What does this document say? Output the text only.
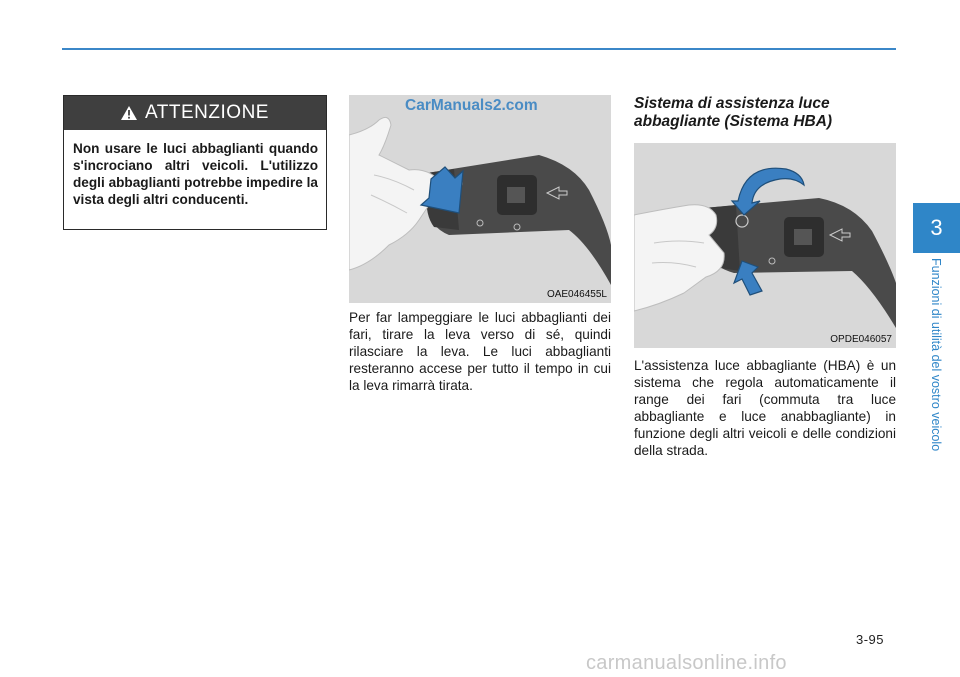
ATTENZIONE
Non usare le luci abbaglianti quando s'incrociano altri veicoli. L'utilizzo degli abbaglianti potrebbe impedire la vista degli altri conducenti.
CarManuals2.com
OAE046455L
Per far lampeggiare le luci abbaglianti dei fari, tirare la leva verso di sé, quindi rilasciare la leva. Le luci abbaglianti resteranno accese per tutto il tempo in cui la leva rimarrà tirata.
Sistema di assistenza luce abbagliante (Sistema HBA)
OPDE046057
L'assistenza luce abbagliante (HBA) è un sistema che regola automaticamente il range dei fari (commuta tra luce abbagliante e luce anabbagliante) in funzione degli altri veicoli e delle condizioni della strada.
3
Funzioni di utilità del vostro veicolo
3-95
carmanualsonline.info
